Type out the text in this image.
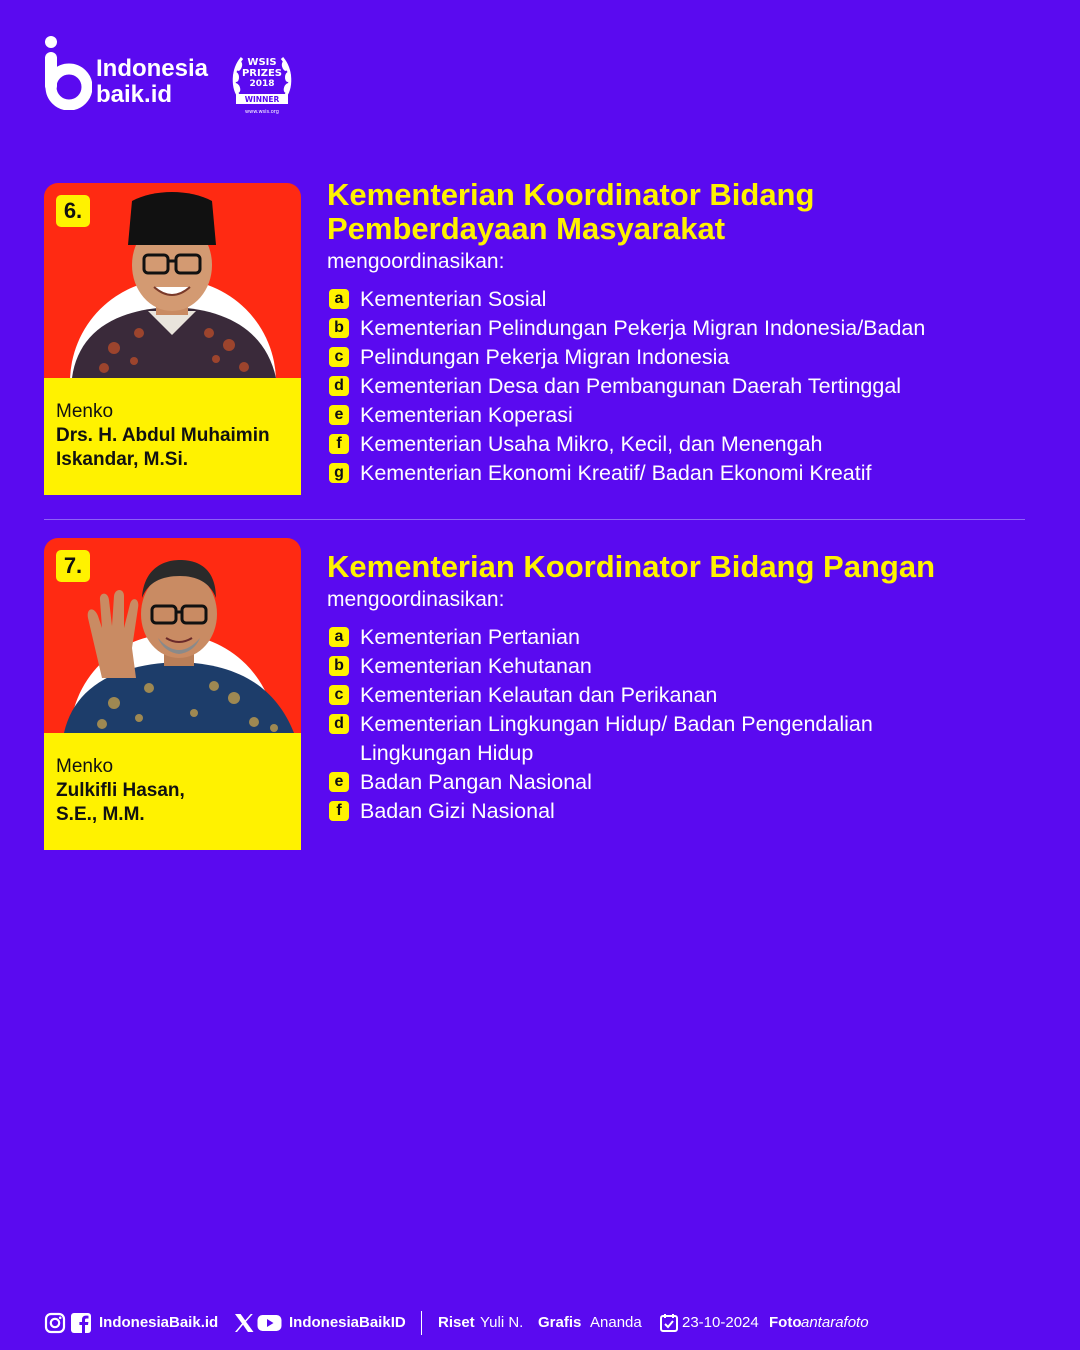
Indonesia
baik.id
WSIS
PRIZES
2018
WINNER
www.wsis.org
6.
Menko
Drs. H. Abdul Muhaimin
Iskandar, M.Si.
Kementerian Koordinator Bidang
Pemberdayaan Masyarakat
mengoordinasikan:
a Kementerian Sosial
b Kementerian Pelindungan Pekerja Migran Indonesia/Badan
c Pelindungan Pekerja Migran Indonesia
d Kementerian Desa dan Pembangunan Daerah Tertinggal
e Kementerian Koperasi
f Kementerian Usaha Mikro, Kecil, dan Menengah
g Kementerian Ekonomi Kreatif/ Badan Ekonomi Kreatif
7.
Menko
Zulkifli Hasan,
S.E., M.M.
Kementerian Koordinator Bidang Pangan
mengoordinasikan:
a Kementerian Pertanian
b Kementerian Kehutanan
c Kementerian Kelautan dan Perikanan
d Kementerian Lingkungan Hidup/ Badan Pengendalian
Lingkungan Hidup
e Badan Pangan Nasional
f Badan Gizi Nasional
IndonesiaBaik.id	IndonesiaBaikID Riset Yuli N. Grafis Ananda	23-10-2024 Foto antarafoto
